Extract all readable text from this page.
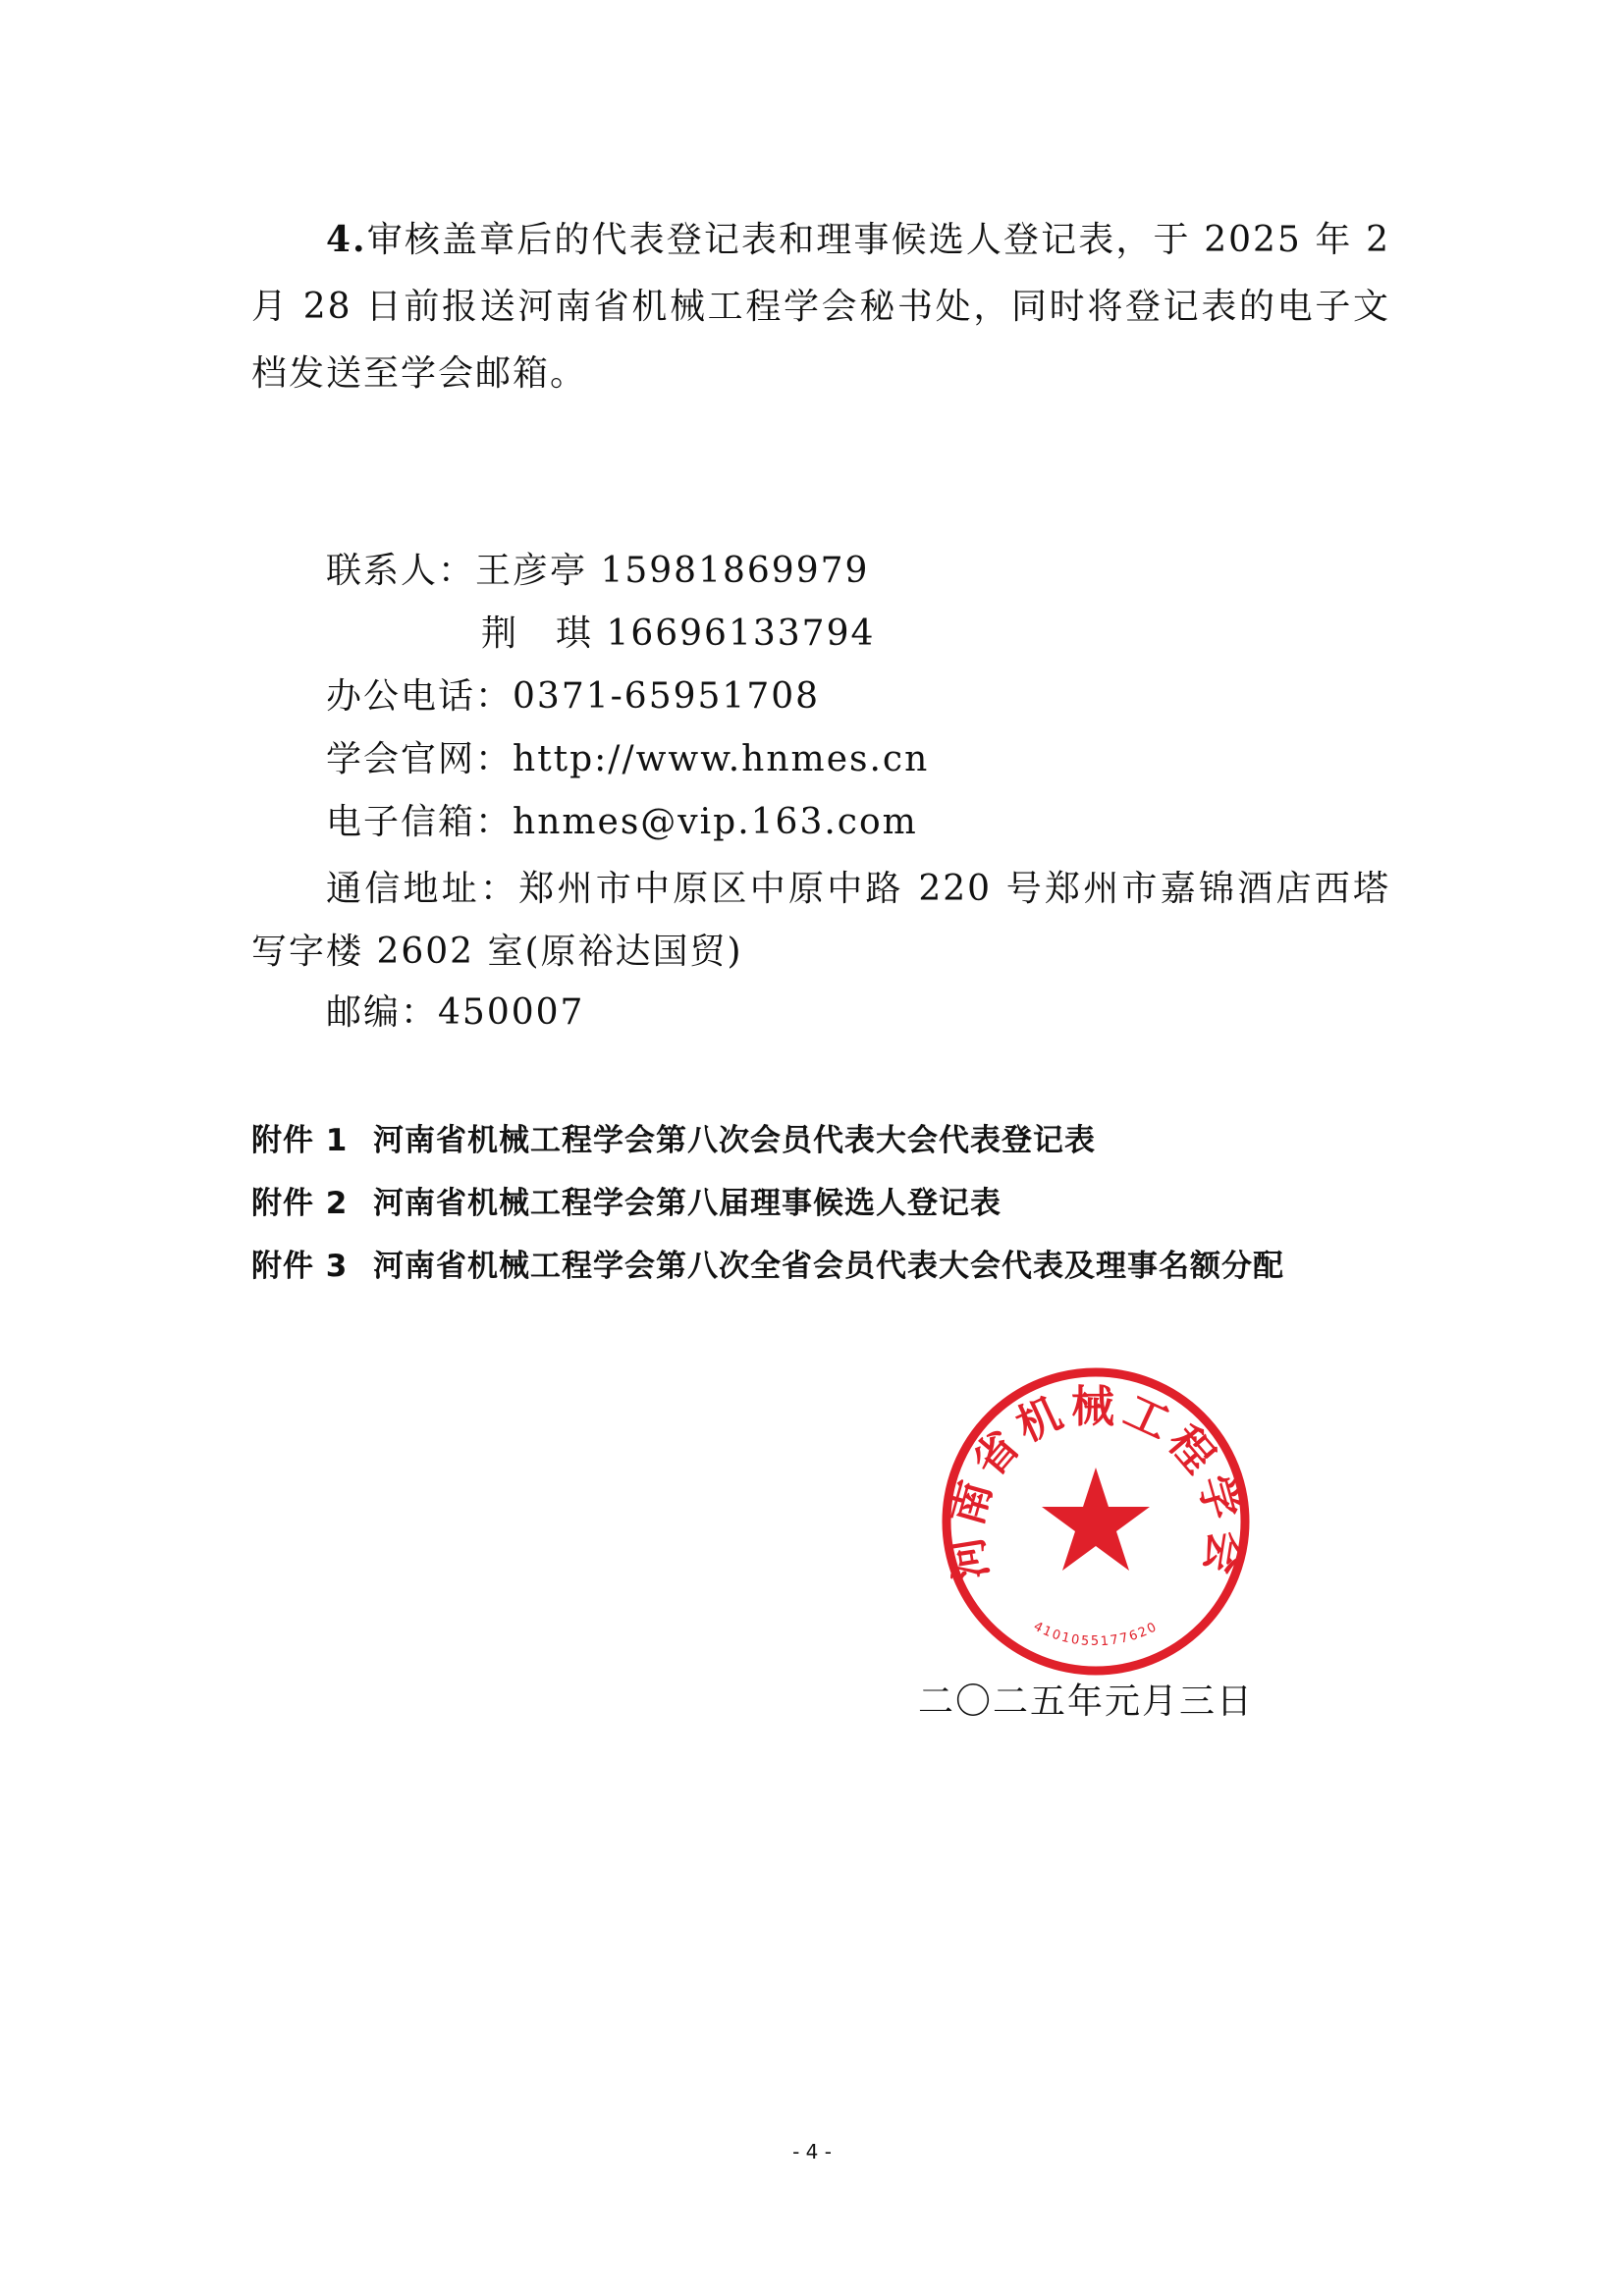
4.审核盖章后的代表登记表和理事候选人登记表，于 2025 年 2 月 28 日前报送河南省机械工程学会秘书处，同时将登记表的电子文档发送至学会邮箱。
联系人：王彦亭 15981869979
荆　琪 16696133794
办公电话：0371-65951708
学会官网：http://www.hnmes.cn
电子信箱：hnmes@vip.163.com
通信地址：郑州市中原区中原中路 220 号郑州市嘉锦酒店西塔写字楼 2602 室(原裕达国贸)
邮编：450007
附件 1 河南省机械工程学会第八次会员代表大会代表登记表
附件 2 河南省机械工程学会第八届理事候选人登记表
附件 3 河南省机械工程学会第八次全省会员代表大会代表及理事名额分配
河南省机械工程学会
4101055177620
二〇二五年元月三日
- 4 -
